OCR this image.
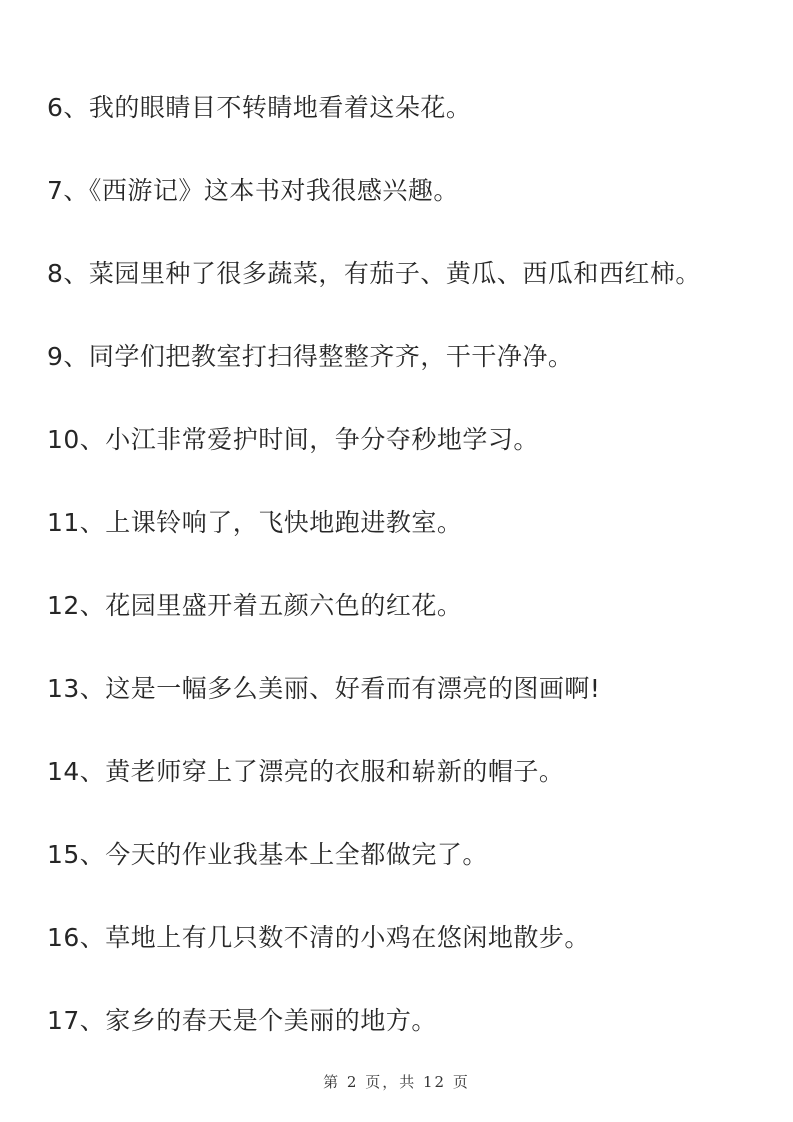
6、我的眼睛目不转睛地看着这朵花。

7、《西游记》这本书对我很感兴趣。

8、菜园里种了很多蔬菜，有茄子、黄瓜、西瓜和西红柿。

9、同学们把教室打扫得整整齐齐，干干净净。

10、小江非常爱护时间，争分夺秒地学习。

11、上课铃响了，飞快地跑进教室。

12、花园里盛开着五颜六色的红花。

13、这是一幅多么美丽、好看而有漂亮的图画啊!

14、黄老师穿上了漂亮的衣服和崭新的帽子。

15、今天的作业我基本上全都做完了。

16、草地上有几只数不清的小鸡在悠闲地散步。

17、家乡的春天是个美丽的地方。

第 2 页，共 12 页
